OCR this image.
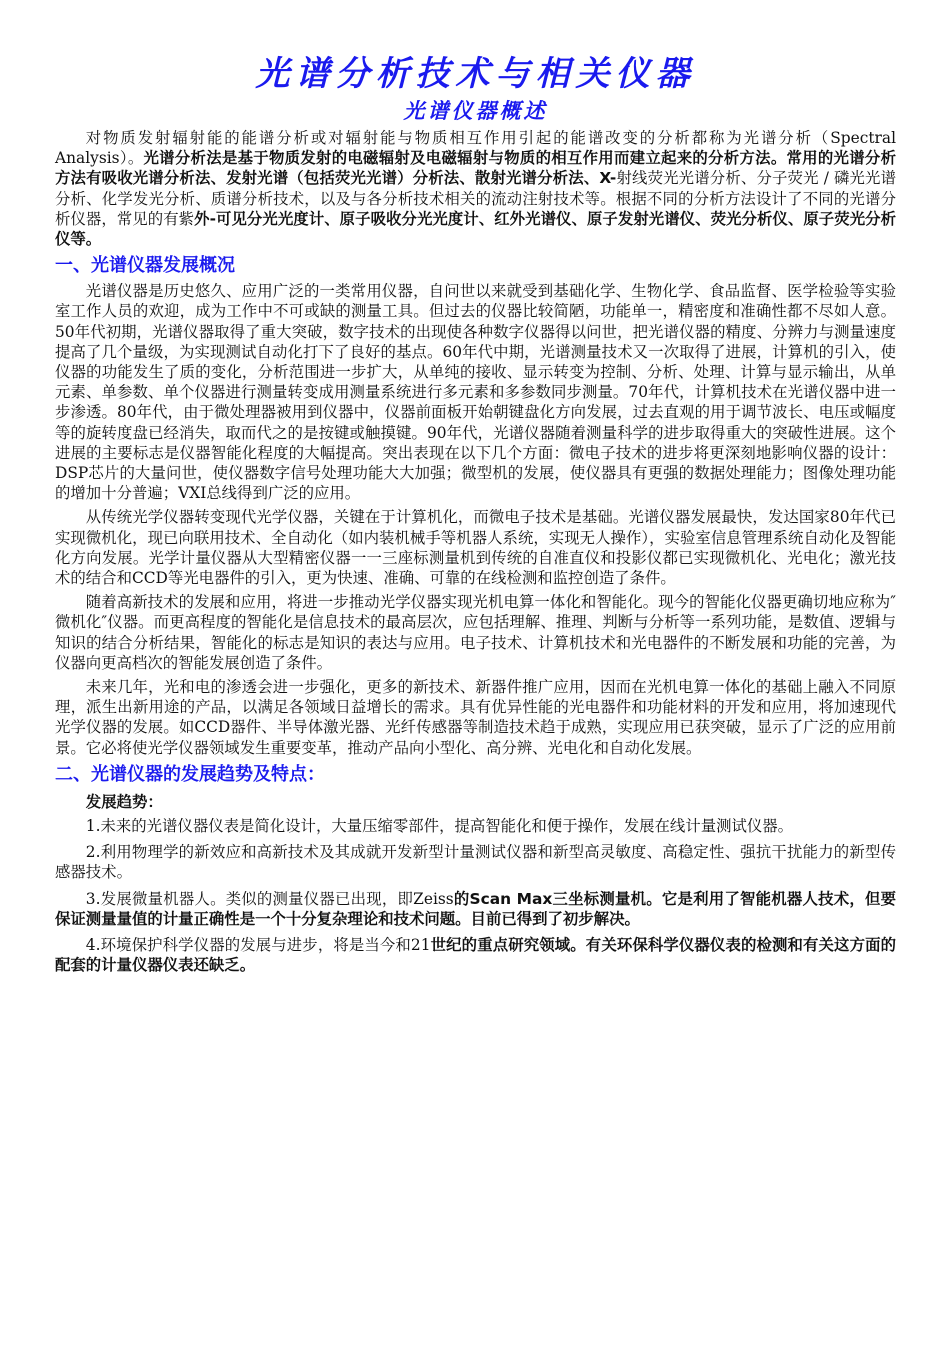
光谱分析技术与相关仪器
光谱仪器概述

对物质发射辐射能的能谱分析或对辐射能与物质相互作用引起的能谱改变的分析都称为光谱分析（Spectral Analysis）。光谱分析法是基于物质发射的电磁辐射及电磁辐射与物质的相互作用而建立起来的分析方法。常用的光谱分析方法有吸收光谱分析法、发射光谱（包括荧光光谱）分析法、散射光谱分析法、X-射线荧光光谱分析、分子荧光 / 磷光光谱分析、化学发光分析、质谱分析技术，以及与各分析技术相关的流动注射技术等。根据不同的分析方法设计了不同的光谱分析仪器，常见的有紫外-可见分光光度计、原子吸收分光光度计、红外光谱仪、原子发射光谱仪、荧光分析仪、原子荧光分析仪等。

一、光谱仪器发展概况

光谱仪器是历史悠久、应用广泛的一类常用仪器，自问世以来就受到基础化学、生物化学、食品监督、医学检验等实验室工作人员的欢迎，成为工作中不可或缺的测量工具。但过去的仪器比较简陋，功能单一，精密度和准确性都不尽如人意。50年代初期，光谱仪器取得了重大突破，数字技术的出现使各种数字仪器得以问世，把光谱仪器的精度、分辨力与测量速度提高了几个量级，为实现测试自动化打下了良好的基点。60年代中期，光谱测量技术又一次取得了进展，计算机的引入，使仪器的功能发生了质的变化，分析范围进一步扩大，从单纯的接收、显示转变为控制、分析、处理、计算与显示输出，从单元素、单参数、单个仪器进行测量转变成用测量系统进行多元素和多参数同步测量。70年代，计算机技术在光谱仪器中进一步渗透。80年代，由于微处理器被用到仪器中，仪器前面板开始朝键盘化方向发展，过去直观的用于调节波长、电压或幅度等的旋转度盘已经消失，取而代之的是按键或触摸键。90年代，光谱仪器随着测量科学的进步取得重大的突破性进展。这个进展的主要标志是仪器智能化程度的大幅提高。突出表现在以下几个方面：微电子技术的进步将更深刻地影响仪器的设计：DSP芯片的大量问世，使仪器数字信号处理功能大大加强；微型机的发展，使仪器具有更强的数据处理能力；图像处理功能的增加十分普遍；VXI总线得到广泛的应用。

从传统光学仪器转变现代光学仪器，关键在于计算机化，而微电子技术是基础。光谱仪器发展最快，发达国家80年代已实现微机化，现已向联用技术、全自动化（如内装机械手等机器人系统，实现无人操作），实验室信息管理系统自动化及智能化方向发展。光学计量仪器从大型精密仪器一一三座标测量机到传统的自准直仪和投影仪都已实现微机化、光电化；激光技术的结合和CCD等光电器件的引入，更为快速、准确、可靠的在线检测和监控创造了条件。

随着高新技术的发展和应用，将进一步推动光学仪器实现光机电算一体化和智能化。现今的智能化仪器更确切地应称为″微机化″仪器。而更高程度的智能化是信息技术的最高层次，应包括理解、推理、判断与分析等一系列功能，是数值、逻辑与知识的结合分析结果，智能化的标志是知识的表达与应用。电子技术、计算机技术和光电器件的不断发展和功能的完善，为仪器向更高档次的智能发展创造了条件。

未来几年，光和电的渗透会进一步强化，更多的新技术、新器件推广应用，因而在光机电算一体化的基础上融入不同原理，派生出新用途的产品，以满足各领域日益增长的需求。具有优异性能的光电器件和功能材料的开发和应用，将加速现代光学仪器的发展。如CCD器件、半导体激光器、光纤传感器等制造技术趋于成熟，实现应用已获突破，显示了广泛的应用前景。它必将使光学仪器领域发生重要变革，推动产品向小型化、高分辨、光电化和自动化发展。

二、光谱仪器的发展趋势及特点：
发展趋势：

1.未来的光谱仪器仪表是简化设计，大量压缩零部件，提高智能化和便于操作，发展在线计量测试仪器。

2.利用物理学的新效应和高新技术及其成就开发新型计量测试仪器和新型高灵敏度、高稳定性、强抗干扰能力的新型传感器技术。

3.发展微量机器人。类似的测量仪器已出现，即Zeiss的Scan Max三坐标测量机。它是利用了智能机器人技术，但要保证测量量值的计量正确性是一个十分复杂理论和技术问题。目前已得到了初步解决。

4.环境保护科学仪器的发展与进步，将是当今和21世纪的重点研究领域。有关环保科学仪器仪表的检测和有关这方面的配套的计量仪器仪表还缺乏。
